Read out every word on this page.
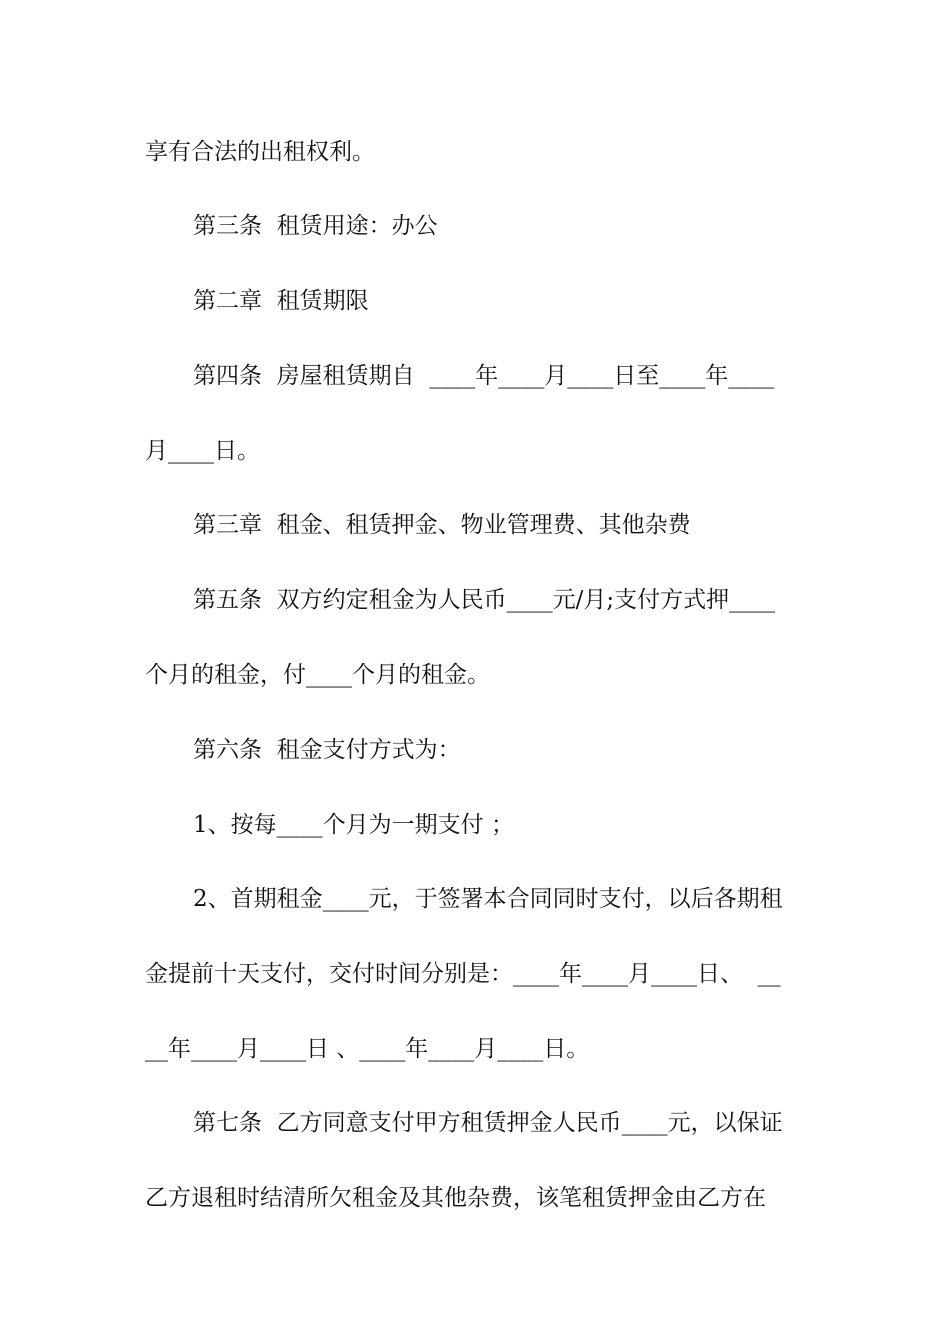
享有合法的出租权利。
第三条  租赁用途：办公
第二章  租赁期限
第四条  房屋租赁期自  ____年____月____日至____年____
月____日。
第三章  租金、租赁押金、物业管理费、其他杂费
第五条  双方约定租金为人民币____元/月;支付方式押____
个月的租金，付____个月的租金。
第六条  租金支付方式为：
1、按每____个月为一期支付 ；
2、首期租金____元，于签署本合同同时支付，以后各期租
金提前十天支付，交付时间分别是：____年____月____日、  __
__年____月____日 、____年____月____日。
第七条  乙方同意支付甲方租赁押金人民币____元，以保证
乙方退租时结清所欠租金及其他杂费，该笔租赁押金由乙方在
